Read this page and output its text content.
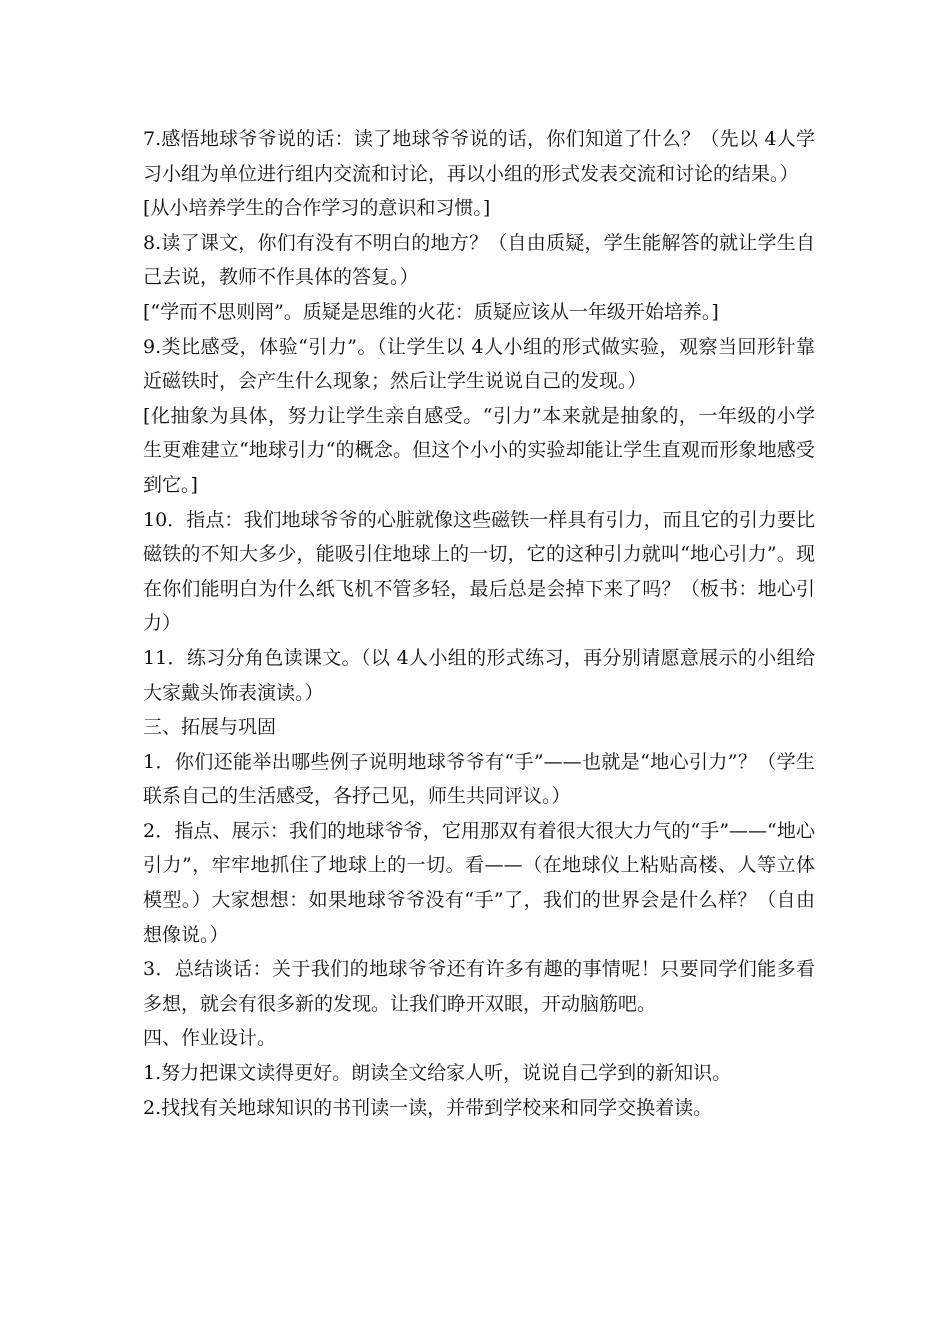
7.感悟地球爷爷说的话：读了地球爷爷说的话，你们知道了什么？（先以 4人学习小组为单位进行组内交流和讨论，再以小组的形式发表交流和讨论的结果。）

[从小培养学生的合作学习的意识和习惯。]

8.读了课文，你们有没有不明白的地方？（自由质疑，学生能解答的就让学生自己去说，教师不作具体的答复。）

[“学而不思则罔”。质疑是思维的火花：质疑应该从一年级开始培养。]

9.类比感受，体验“引力”。（让学生以 4人小组的形式做实验，观察当回形针靠近磁铁时，会产生什么现象；然后让学生说说自己的发现。）

[化抽象为具体，努力让学生亲自感受。“引力”本来就是抽象的，一年级的小学生更难建立“地球引力“的概念。但这个小小的实验却能让学生直观而形象地感受到它。]

10．指点：我们地球爷爷的心脏就像这些磁铁一样具有引力，而且它的引力要比磁铁的不知大多少，能吸引住地球上的一切，它的这种引力就叫“地心引力”。现在你们能明白为什么纸飞机不管多轻，最后总是会掉下来了吗？（板书：地心引力）

11．练习分角色读课文。（以 4人小组的形式练习，再分别请愿意展示的小组给大家戴头饰表演读。）

三、拓展与巩固

1．你们还能举出哪些例子说明地球爷爷有“手”——也就是“地心引力”？（学生联系自己的生活感受，各抒己见，师生共同评议。）

2．指点、展示：我们的地球爷爷，它用那双有着很大很大力气的“手”——“地心引力”，牢牢地抓住了地球上的一切。看——（在地球仪上粘贴高楼、人等立体模型。）大家想想：如果地球爷爷没有“手”了，我们的世界会是什么样？（自由想像说。）

3．总结谈话：关于我们的地球爷爷还有许多有趣的事情呢！只要同学们能多看多想，就会有很多新的发现。让我们睁开双眼，开动脑筋吧。

四、作业设计。

1.努力把课文读得更好。朗读全文给家人听，说说自己学到的新知识。

2.找找有关地球知识的书刊读一读，并带到学校来和同学交换着读。
